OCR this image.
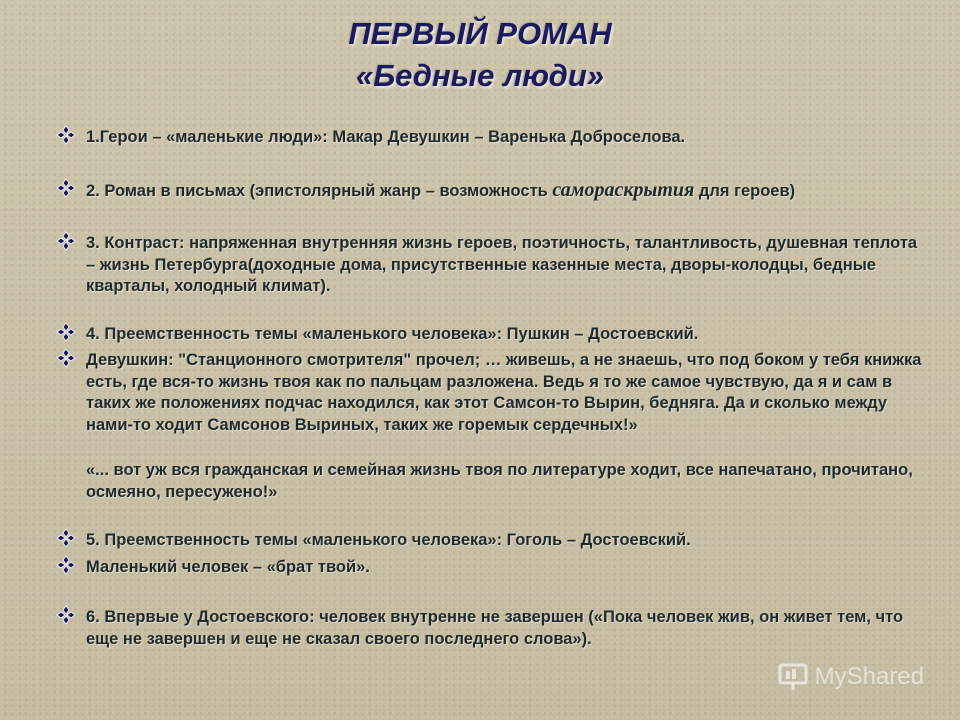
ПЕРВЫЙ РОМАН
«Бедные люди»
1.Герои – «маленькие люди»: Макар Девушкин – Варенька Доброселова.
2. Роман в письмах (эпистолярный жанр – возможность самораскрытия для героев)
3. Контраст: напряженная внутренняя жизнь героев, поэтичность, талантливость, душевная теплота – жизнь Петербурга(доходные дома, присутственные казенные места, дворы-колодцы, бедные кварталы, холодный климат).
4. Преемственность темы «маленького человека»: Пушкин – Достоевский.
Девушкин: "Станционного смотрителя" прочел; … живешь, а не знаешь, что под боком у тебя книжка есть, где вся-то жизнь твоя как по пальцам разложена. Ведь я то же самое чувствую, да я и сам в таких же положениях подчас находился, как этот Самсон-то Вырин, бедняга. Да и сколько между нами-то ходит Самсонов Выриных, таких же горемык сердечных!»
«... вот уж вся гражданская и семейная жизнь твоя по литературе ходит, все напечатано, прочитано, осмеяно, пересужено!»
5. Преемственность темы «маленького человека»: Гоголь – Достоевский.
Маленький человек – «брат твой».
6. Впервые у Достоевского: человек внутренне не завершен («Пока человек жив, он живет тем, что еще не завершен и еще не сказал своего последнего слова»).
MyShared
